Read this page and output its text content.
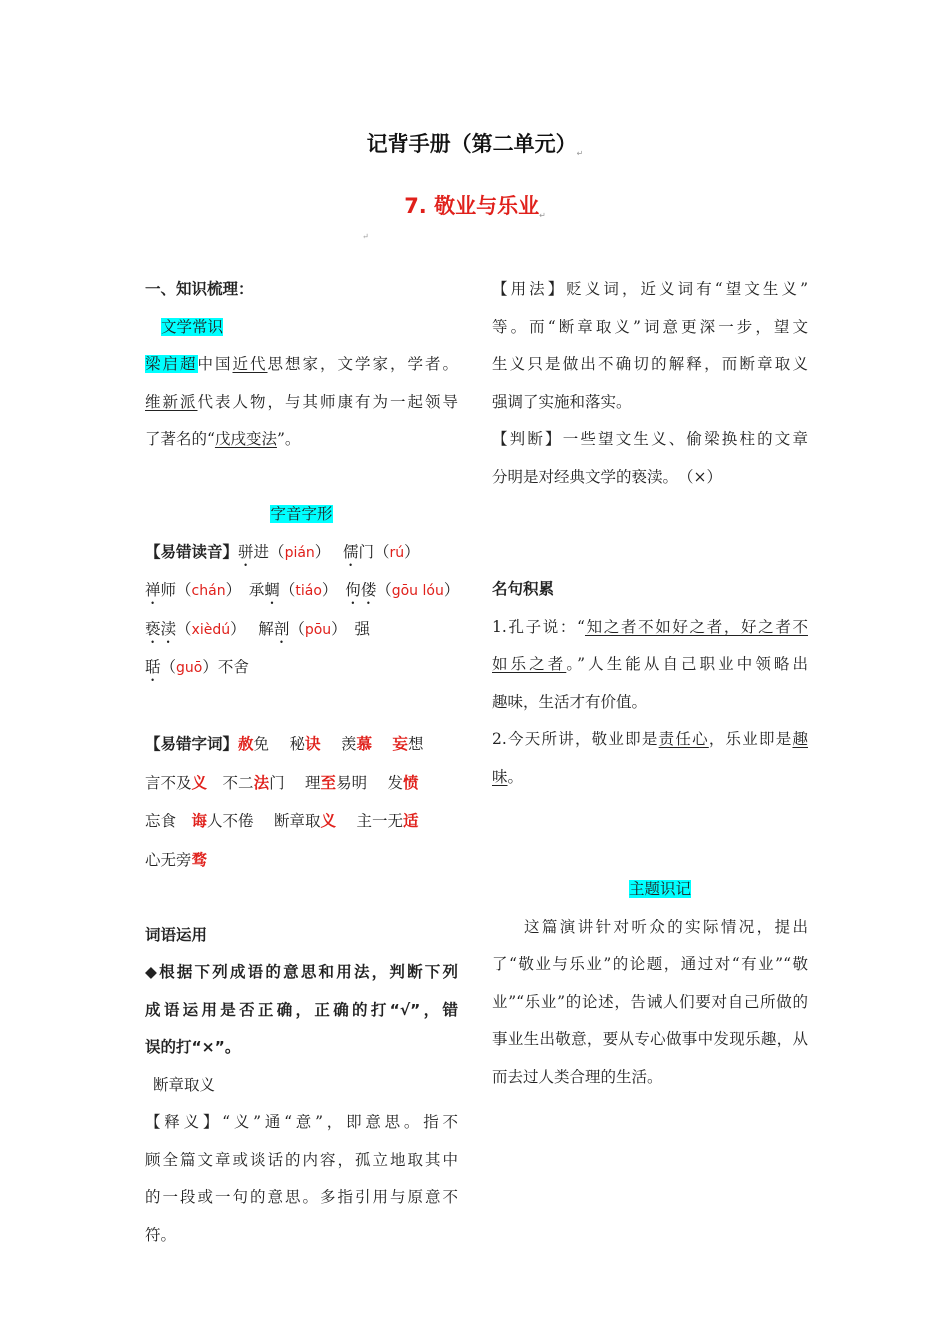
记背手册（第二单元）↵
7. 敬业与乐业↵
↵

一、知识梳理：

文学常识

梁启超中国近代思想家，文学家，学者。

维新派代表人物，与其师康有为一起领导

了著名的“戊戌变法”。

字音字形

【易错读音】骈进（pián）　 儒门（rú）

禅师（chán）　承蜩（tiáo）　佝偻（gōu lóu）

亵渎（xièdú）　 解剖（pōu）　强

聒（guō）不舍

【易错字词】赦免　 秘诀　 羡慕　 妄想

言不及义　 不二法门　 理至易明　 发愤

忘食　 诲人不倦　 断章取义　 主一无适

心无旁骛

词语运用

◆根据下列成语的意思和用法，判断下列

成语运用是否正确，正确的打“√”，错

误的打“×”。

断章取义

【释义】“义”通“意”，即意思。指不

顾全篇文章或谈话的内容，孤立地取其中

的一段或一句的意思。多指引用与原意不

符。

【用法】贬义词，近义词有“望文生义”

等。而“断章取义”词意更深一步，望文

生义只是做出不确切的解释，而断章取义

强调了实施和落实。

【判断】一些望文生义、偷梁换柱的文章

分明是对经典文学的亵渎。　（×）

名句积累

1.孔子说：“知之者不如好之者，好之者不

如乐之者。”人生能从自己职业中领略出

趣味，生活才有价值。

2.今天所讲，敬业即是责任心，乐业即是趣

味。

主题识记

这篇演讲针对听众的实际情况，提出了“敬业与乐业”的论题，通过对“有业”“敬业”“乐业”的论述，告诫人们要对自己所做的事业生出敬意，要从专心做事中发现乐趣，从而去过人类合理的生活。
